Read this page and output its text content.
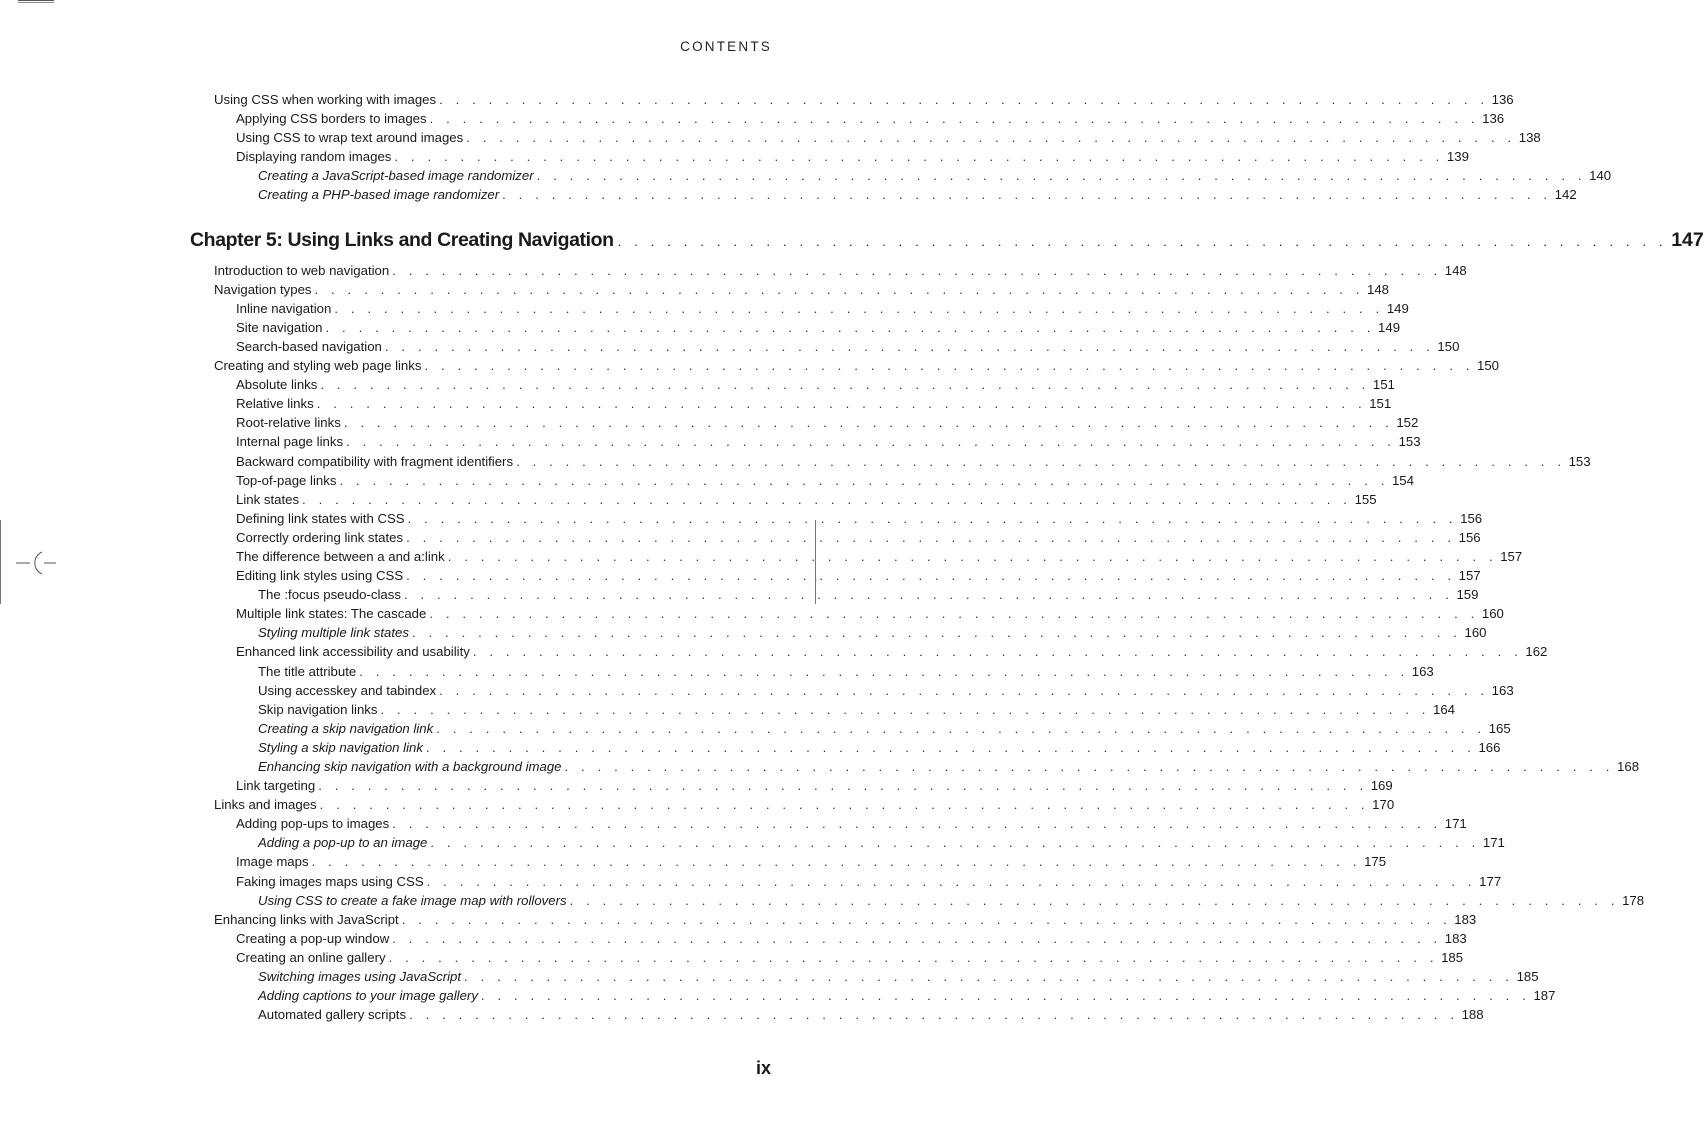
CONTENTS
Using CSS when working with images . . . . . . . . . . . . . . . . . . . . . . . . . . . . . . . . . . . . . . . . . . . . . . . . . . . . . . . . . . . . . . . . 136
Applying CSS borders to images . . . . . . . . . . . . . . . . . . . . . . . . . . . . . . . . . . . . . . . . . . . . . . . . . . . . . . . . . . . . . . . . 136
Using CSS to wrap text around images . . . . . . . . . . . . . . . . . . . . . . . . . . . . . . . . . . . . . . . . . . . . . . . . . . . . . . . . . . . . . . . . 138
Displaying random images . . . . . . . . . . . . . . . . . . . . . . . . . . . . . . . . . . . . . . . . . . . . . . . . . . . . . . . . . . . . . . . . 139
Creating a JavaScript-based image randomizer . . . . . . . . . . . . . . . . . . . . . . . . . . . . . . . . . . . . . . . . . . . . . . . . . . . . . . . . . . . . . . . . 140
Creating a PHP-based image randomizer . . . . . . . . . . . . . . . . . . . . . . . . . . . . . . . . . . . . . . . . . . . . . . . . . . . . . . . . . . . . . . . . 142
Chapter 5: Using Links and Creating Navigation . . . . . . . . . . . . . . . . . . . . . . . . . . . . . . . . . . . . . . . . . . . . . . . . . . . . . . . . . . . . . . . . 147
Introduction to web navigation . . . . . . . . . . . . . . . . . . . . . . . . . . . . . . . . . . . . . . . . . . . . . . . . . . . . . . . . . . . . . . . . 148
Navigation types . . . . . . . . . . . . . . . . . . . . . . . . . . . . . . . . . . . . . . . . . . . . . . . . . . . . . . . . . . . . . . . . 148
Inline navigation . . . . . . . . . . . . . . . . . . . . . . . . . . . . . . . . . . . . . . . . . . . . . . . . . . . . . . . . . . . . . . . . 149
Site navigation . . . . . . . . . . . . . . . . . . . . . . . . . . . . . . . . . . . . . . . . . . . . . . . . . . . . . . . . . . . . . . . . 149
Search-based navigation . . . . . . . . . . . . . . . . . . . . . . . . . . . . . . . . . . . . . . . . . . . . . . . . . . . . . . . . . . . . . . . . 150
Creating and styling web page links . . . . . . . . . . . . . . . . . . . . . . . . . . . . . . . . . . . . . . . . . . . . . . . . . . . . . . . . . . . . . . . . 150
Absolute links . . . . . . . . . . . . . . . . . . . . . . . . . . . . . . . . . . . . . . . . . . . . . . . . . . . . . . . . . . . . . . . . 151
Relative links . . . . . . . . . . . . . . . . . . . . . . . . . . . . . . . . . . . . . . . . . . . . . . . . . . . . . . . . . . . . . . . . 151
Root-relative links . . . . . . . . . . . . . . . . . . . . . . . . . . . . . . . . . . . . . . . . . . . . . . . . . . . . . . . . . . . . . . . . 152
Internal page links . . . . . . . . . . . . . . . . . . . . . . . . . . . . . . . . . . . . . . . . . . . . . . . . . . . . . . . . . . . . . . . . 153
Backward compatibility with fragment identifiers . . . . . . . . . . . . . . . . . . . . . . . . . . . . . . . . . . . . . . . . . . . . . . . . . . . . . . . . . . . . . . . . 153
Top-of-page links . . . . . . . . . . . . . . . . . . . . . . . . . . . . . . . . . . . . . . . . . . . . . . . . . . . . . . . . . . . . . . . . 154
Link states . . . . . . . . . . . . . . . . . . . . . . . . . . . . . . . . . . . . . . . . . . . . . . . . . . . . . . . . . . . . . . . . 155
Defining link states with CSS . . . . . . . . . . . . . . . . . . . . . . . . . . . . . . . . . . . . . . . . . . . . . . . . . . . . . . . . . . . . . . . . 156
Correctly ordering link states . . . . . . . . . . . . . . . . . . . . . . . . . . . . . . . . . . . . . . . . . . . . . . . . . . . . . . . . . . . . . . . . 156
The difference between a and a:link . . . . . . . . . . . . . . . . . . . . . . . . . . . . . . . . . . . . . . . . . . . . . . . . . . . . . . . . . . . . . . . . 157
Editing link styles using CSS . . . . . . . . . . . . . . . . . . . . . . . . . . . . . . . . . . . . . . . . . . . . . . . . . . . . . . . . . . . . . . . . 157
The :focus pseudo-class . . . . . . . . . . . . . . . . . . . . . . . . . . . . . . . . . . . . . . . . . . . . . . . . . . . . . . . . . . . . . . . . 159
Multiple link states: The cascade . . . . . . . . . . . . . . . . . . . . . . . . . . . . . . . . . . . . . . . . . . . . . . . . . . . . . . . . . . . . . . . . 160
Styling multiple link states . . . . . . . . . . . . . . . . . . . . . . . . . . . . . . . . . . . . . . . . . . . . . . . . . . . . . . . . . . . . . . . . 160
Enhanced link accessibility and usability . . . . . . . . . . . . . . . . . . . . . . . . . . . . . . . . . . . . . . . . . . . . . . . . . . . . . . . . . . . . . . . . 162
The title attribute . . . . . . . . . . . . . . . . . . . . . . . . . . . . . . . . . . . . . . . . . . . . . . . . . . . . . . . . . . . . . . . . 163
Using accesskey and tabindex . . . . . . . . . . . . . . . . . . . . . . . . . . . . . . . . . . . . . . . . . . . . . . . . . . . . . . . . . . . . . . . . 163
Skip navigation links . . . . . . . . . . . . . . . . . . . . . . . . . . . . . . . . . . . . . . . . . . . . . . . . . . . . . . . . . . . . . . . . 164
Creating a skip navigation link . . . . . . . . . . . . . . . . . . . . . . . . . . . . . . . . . . . . . . . . . . . . . . . . . . . . . . . . . . . . . . . . 165
Styling a skip navigation link . . . . . . . . . . . . . . . . . . . . . . . . . . . . . . . . . . . . . . . . . . . . . . . . . . . . . . . . . . . . . . . . 166
Enhancing skip navigation with a background image . . . . . . . . . . . . . . . . . . . . . . . . . . . . . . . . . . . . . . . . . . . . . . . . . . . . . . . . . . . . . . . . 168
Link targeting . . . . . . . . . . . . . . . . . . . . . . . . . . . . . . . . . . . . . . . . . . . . . . . . . . . . . . . . . . . . . . . . 169
Links and images . . . . . . . . . . . . . . . . . . . . . . . . . . . . . . . . . . . . . . . . . . . . . . . . . . . . . . . . . . . . . . . . 170
Adding pop-ups to images . . . . . . . . . . . . . . . . . . . . . . . . . . . . . . . . . . . . . . . . . . . . . . . . . . . . . . . . . . . . . . . . 171
Adding a pop-up to an image . . . . . . . . . . . . . . . . . . . . . . . . . . . . . . . . . . . . . . . . . . . . . . . . . . . . . . . . . . . . . . . . 171
Image maps . . . . . . . . . . . . . . . . . . . . . . . . . . . . . . . . . . . . . . . . . . . . . . . . . . . . . . . . . . . . . . . . 175
Faking images maps using CSS . . . . . . . . . . . . . . . . . . . . . . . . . . . . . . . . . . . . . . . . . . . . . . . . . . . . . . . . . . . . . . . . 177
Using CSS to create a fake image map with rollovers . . . . . . . . . . . . . . . . . . . . . . . . . . . . . . . . . . . . . . . . . . . . . . . . . . . . . . . . . . . . . . . . 178
Enhancing links with JavaScript . . . . . . . . . . . . . . . . . . . . . . . . . . . . . . . . . . . . . . . . . . . . . . . . . . . . . . . . . . . . . . . . 183
Creating a pop-up window . . . . . . . . . . . . . . . . . . . . . . . . . . . . . . . . . . . . . . . . . . . . . . . . . . . . . . . . . . . . . . . . 183
Creating an online gallery . . . . . . . . . . . . . . . . . . . . . . . . . . . . . . . . . . . . . . . . . . . . . . . . . . . . . . . . . . . . . . . . 185
Switching images using JavaScript . . . . . . . . . . . . . . . . . . . . . . . . . . . . . . . . . . . . . . . . . . . . . . . . . . . . . . . . . . . . . . . . 185
Adding captions to your image gallery . . . . . . . . . . . . . . . . . . . . . . . . . . . . . . . . . . . . . . . . . . . . . . . . . . . . . . . . . . . . . . . . 187
Automated gallery scripts . . . . . . . . . . . . . . . . . . . . . . . . . . . . . . . . . . . . . . . . . . . . . . . . . . . . . . . . . . . . . . . . 188
ix
